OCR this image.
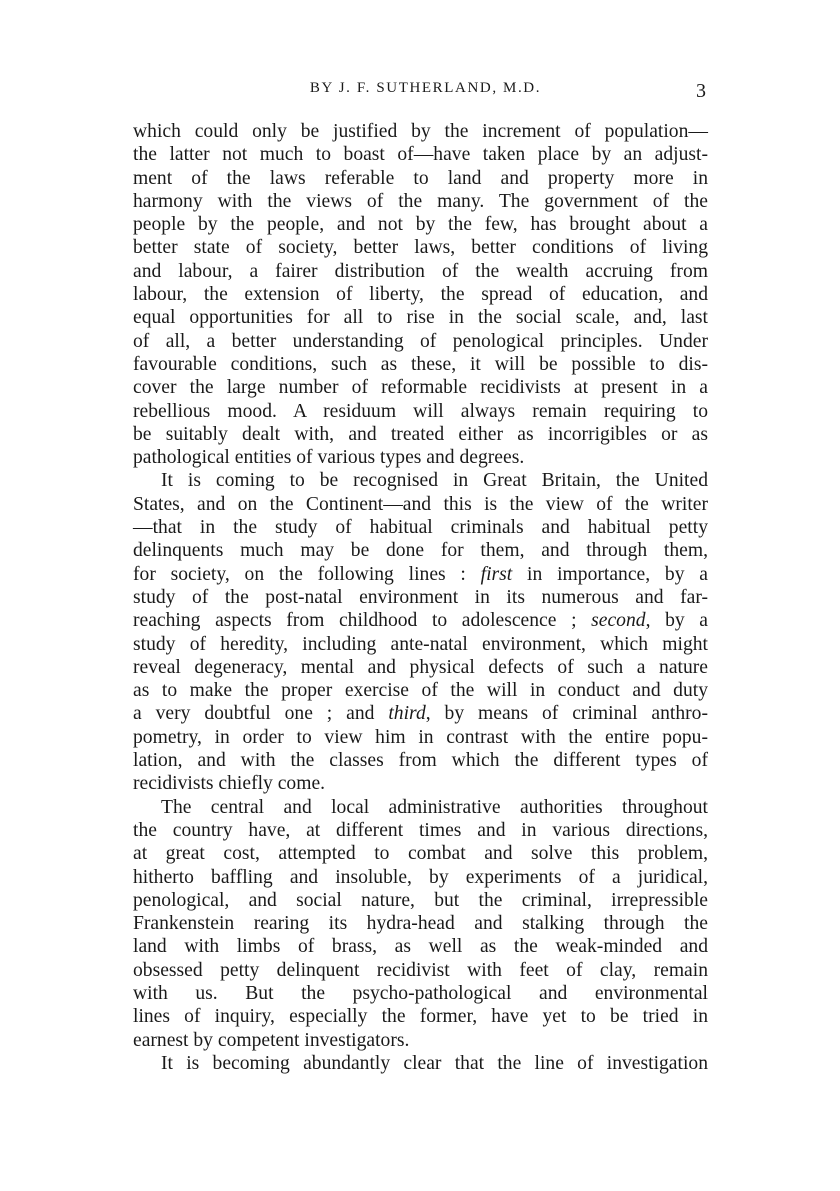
BY J. F. SUTHERLAND, M.D.	3
which could only be justified by the increment of population—
the latter not much to boast of—have taken place by an adjust-
ment of the laws referable to land and property more in
harmony with the views of the many. The government of the
people by the people, and not by the few, has brought about a
better state of society, better laws, better conditions of living
and labour, a fairer distribution of the wealth accruing from
labour, the extension of liberty, the spread of education, and
equal opportunities for all to rise in the social scale, and, last
of all, a better understanding of penological principles. Under
favourable conditions, such as these, it will be possible to dis-
cover the large number of reformable recidivists at present in a
rebellious mood. A residuum will always remain requiring to
be suitably dealt with, and treated either as incorrigibles or as
pathological entities of various types and degrees.
It is coming to be recognised in Great Britain, the United
States, and on the Continent—and this is the view of the writer
—that in the study of habitual criminals and habitual petty
delinquents much may be done for them, and through them,
for society, on the following lines : first in importance, by a
study of the post-natal environment in its numerous and far-
reaching aspects from childhood to adolescence ; second, by a
study of heredity, including ante-natal environment, which might
reveal degeneracy, mental and physical defects of such a nature
as to make the proper exercise of the will in conduct and duty
a very doubtful one ; and third, by means of criminal anthro-
pometry, in order to view him in contrast with the entire popu-
lation, and with the classes from which the different types of
recidivists chiefly come.
The central and local administrative authorities throughout
the country have, at different times and in various directions,
at great cost, attempted to combat and solve this problem,
hitherto baffling and insoluble, by experiments of a juridical,
penological, and social nature, but the criminal, irrepressible
Frankenstein rearing its hydra-head and stalking through the
land with limbs of brass, as well as the weak-minded and
obsessed petty delinquent recidivist with feet of clay, remain
with us. But the psycho-pathological and environmental
lines of inquiry, especially the former, have yet to be tried in
earnest by competent investigators.
It is becoming abundantly clear that the line of investigation
